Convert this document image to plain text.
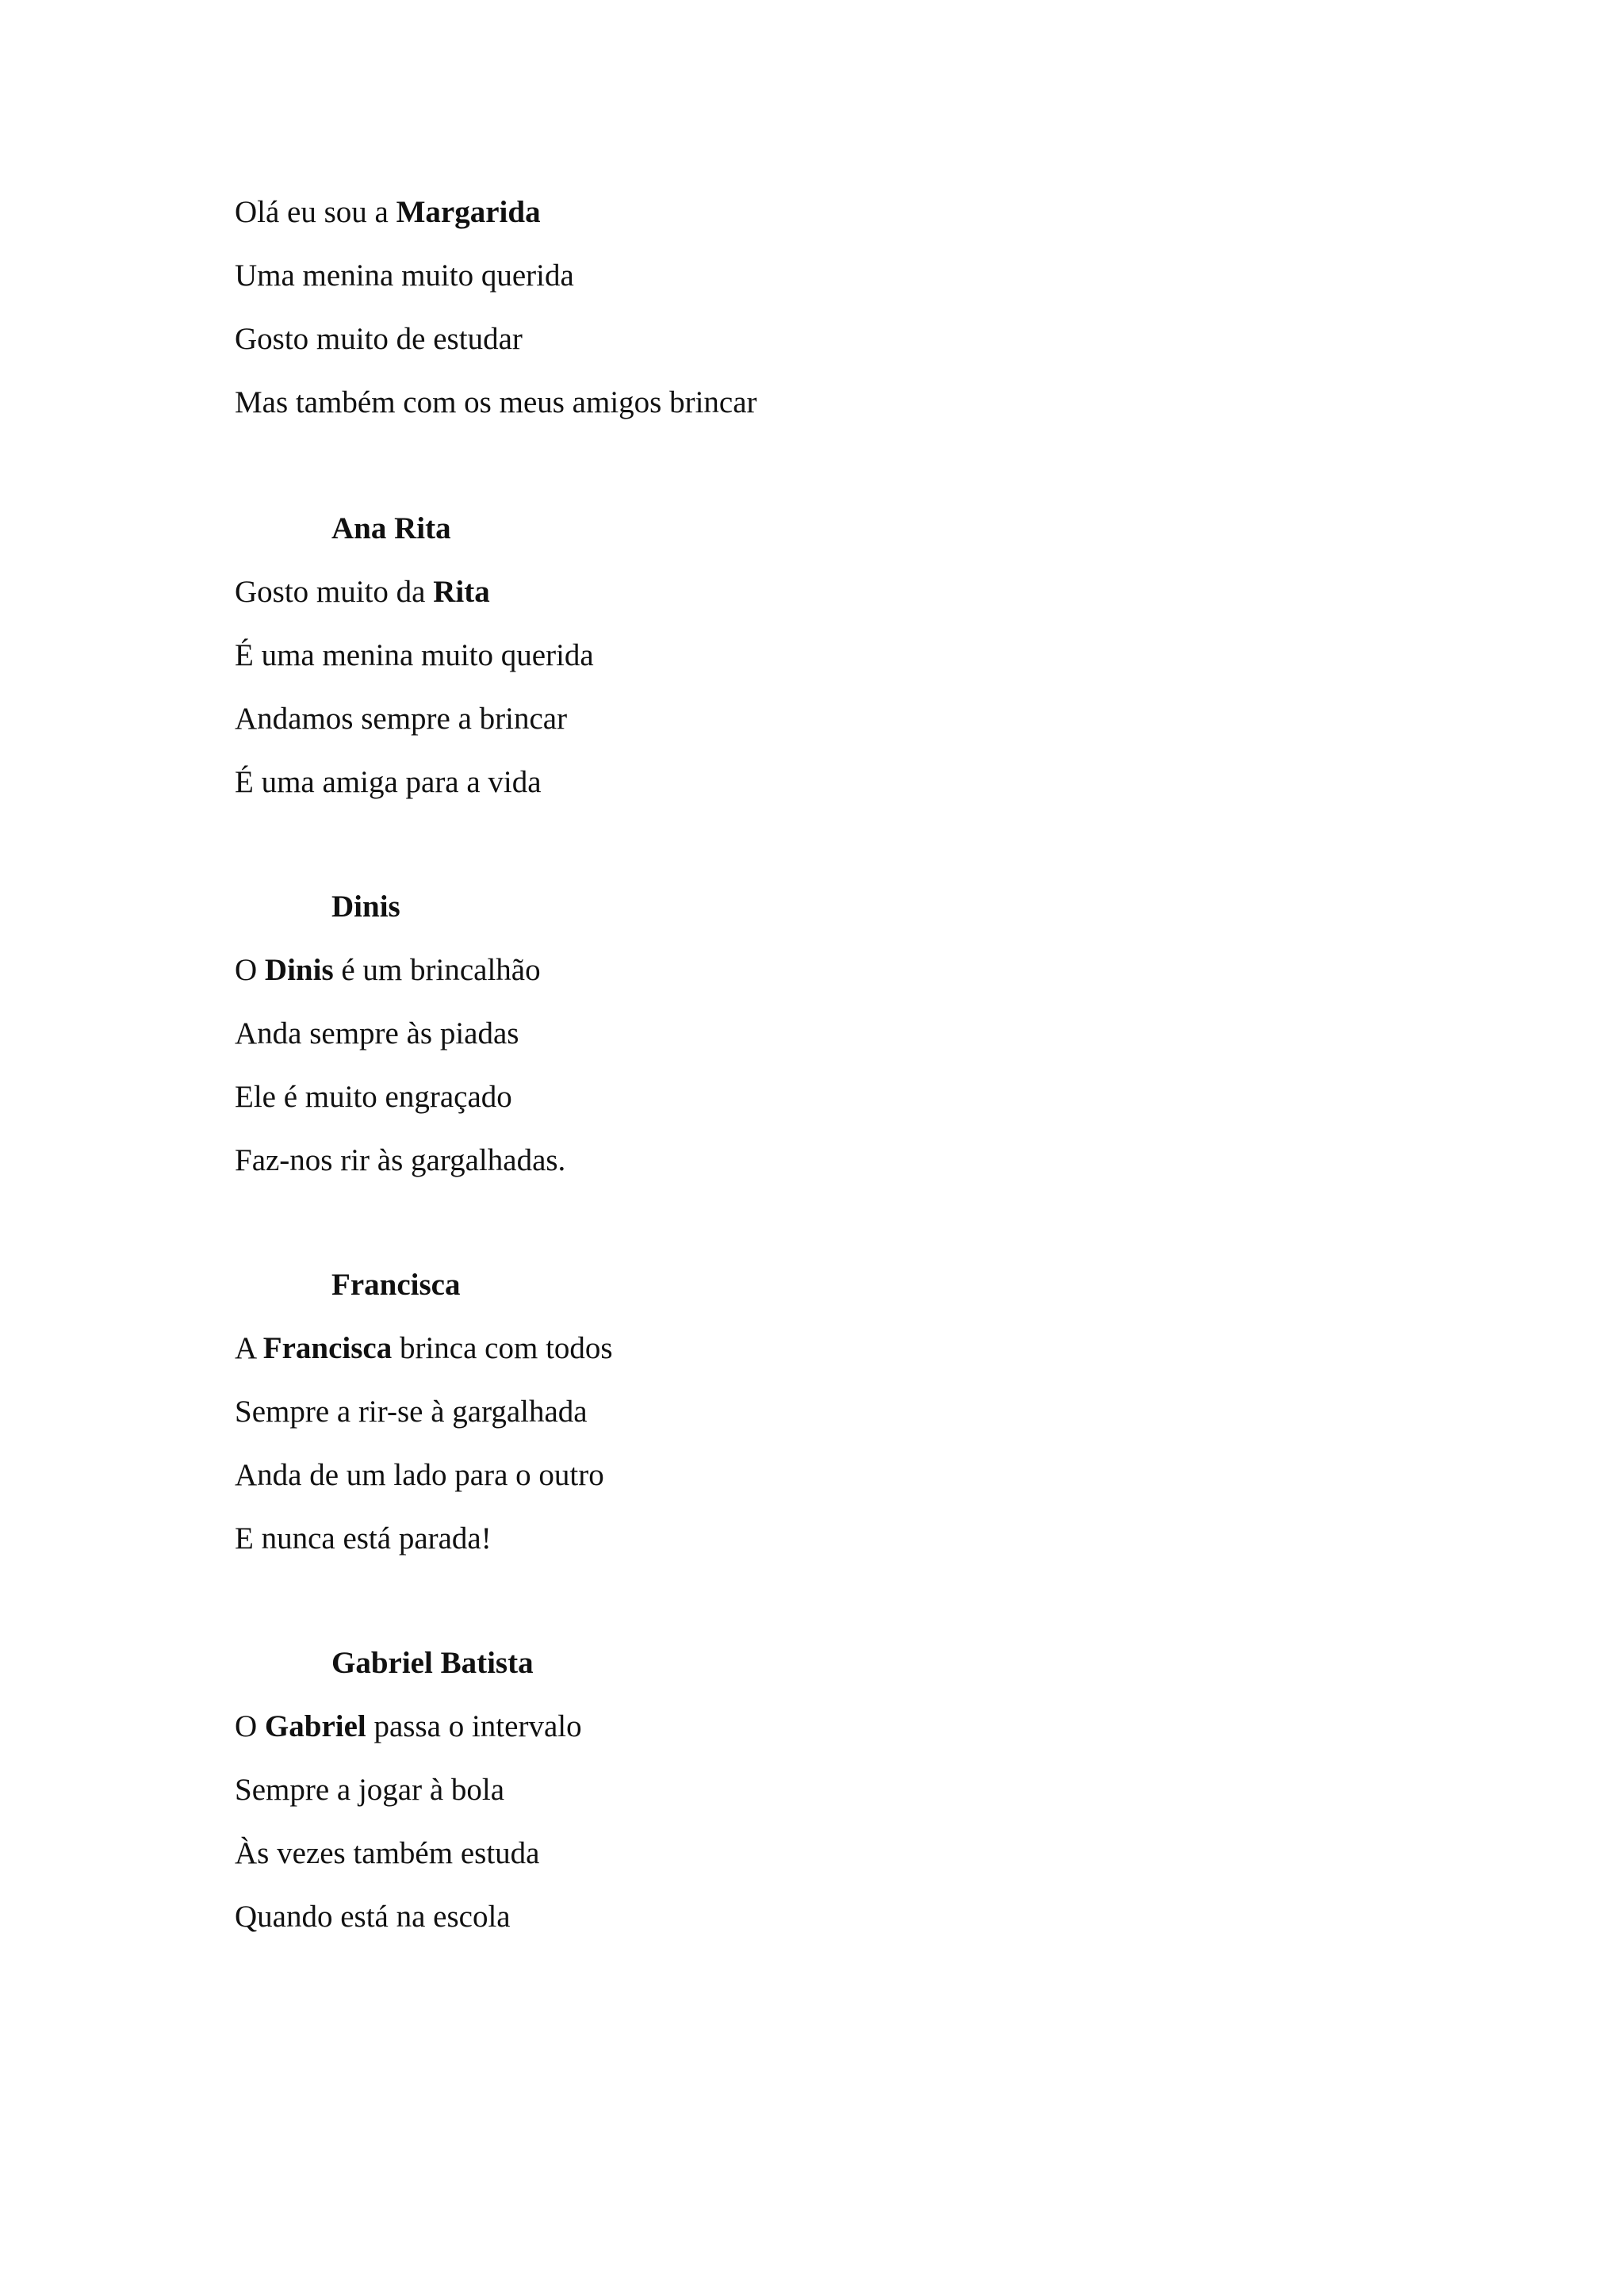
Olá eu sou a Margarida
Uma menina muito querida
Gosto muito de estudar
Mas também com os meus amigos brincar
Ana Rita
Gosto muito da Rita
É uma menina muito querida
Andamos sempre a brincar
É uma amiga para a vida
Dinis
O Dinis é um brincalhão
Anda sempre às piadas
Ele é muito engraçado
Faz-nos rir às gargalhadas.
Francisca
A Francisca brinca com todos
Sempre a rir-se à gargalhada
Anda de um lado para o outro
E nunca está parada!
Gabriel Batista
O Gabriel passa o intervalo
Sempre a jogar à bola
Às vezes também estuda
Quando está na escola
